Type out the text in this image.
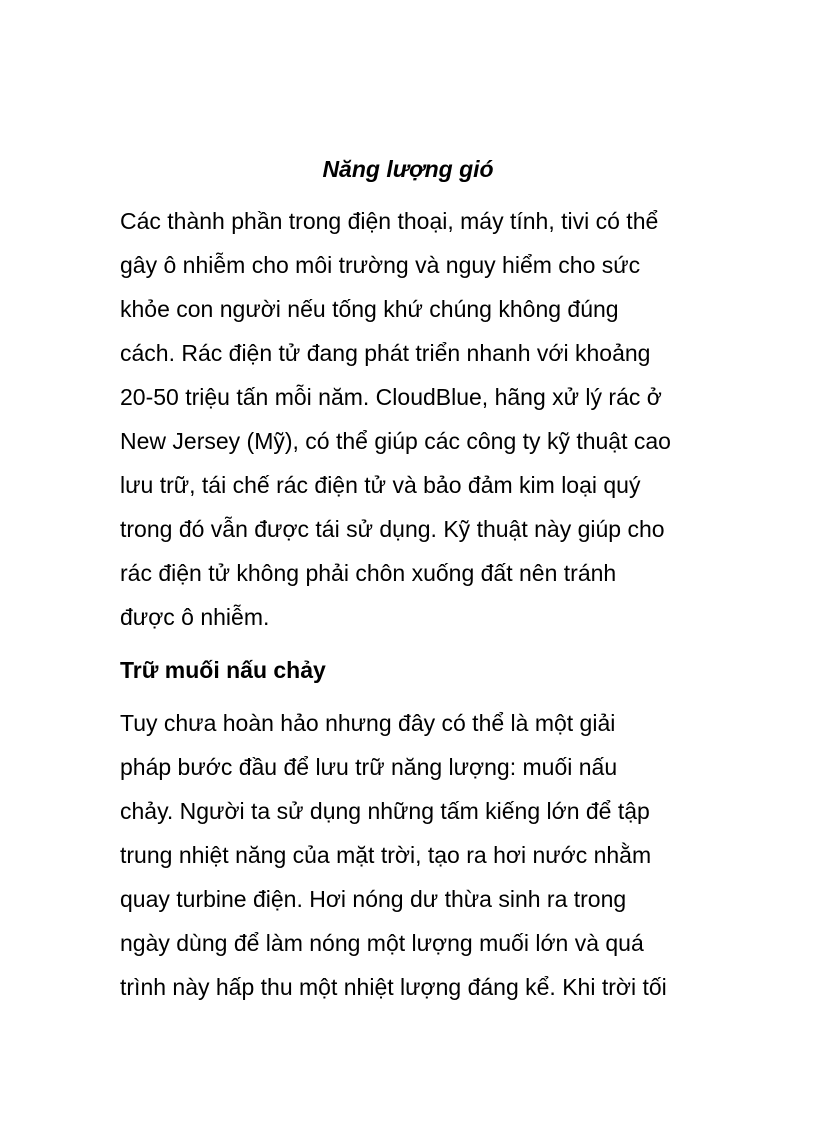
Năng lượng gió

Các thành phần trong điện thoại, máy tính, tivi có thể
gây ô nhiễm cho môi trường và nguy hiểm cho sức
khỏe con người nếu tống khứ chúng không đúng
cách. Rác điện tử đang phát triển nhanh với khoảng
20-50 triệu tấn mỗi năm. CloudBlue, hãng xử lý rác ở
New Jersey (Mỹ), có thể giúp các công ty kỹ thuật cao
lưu trữ, tái chế rác điện tử và bảo đảm kim loại quý
trong đó vẫn được tái sử dụng. Kỹ thuật này giúp cho
rác điện tử không phải chôn xuống đất nên tránh
được ô nhiễm.

Trữ muối nấu chảy

Tuy chưa hoàn hảo nhưng đây có thể là một giải
pháp bước đầu để lưu trữ năng lượng: muối nấu
chảy. Người ta sử dụng những tấm kiếng lớn để tập
trung nhiệt năng của mặt trời, tạo ra hơi nước nhằm
quay turbine điện. Hơi nóng dư thừa sinh ra trong
ngày dùng để làm nóng một lượng muối lớn và quá
trình này hấp thu một nhiệt lượng đáng kể. Khi trời tối
